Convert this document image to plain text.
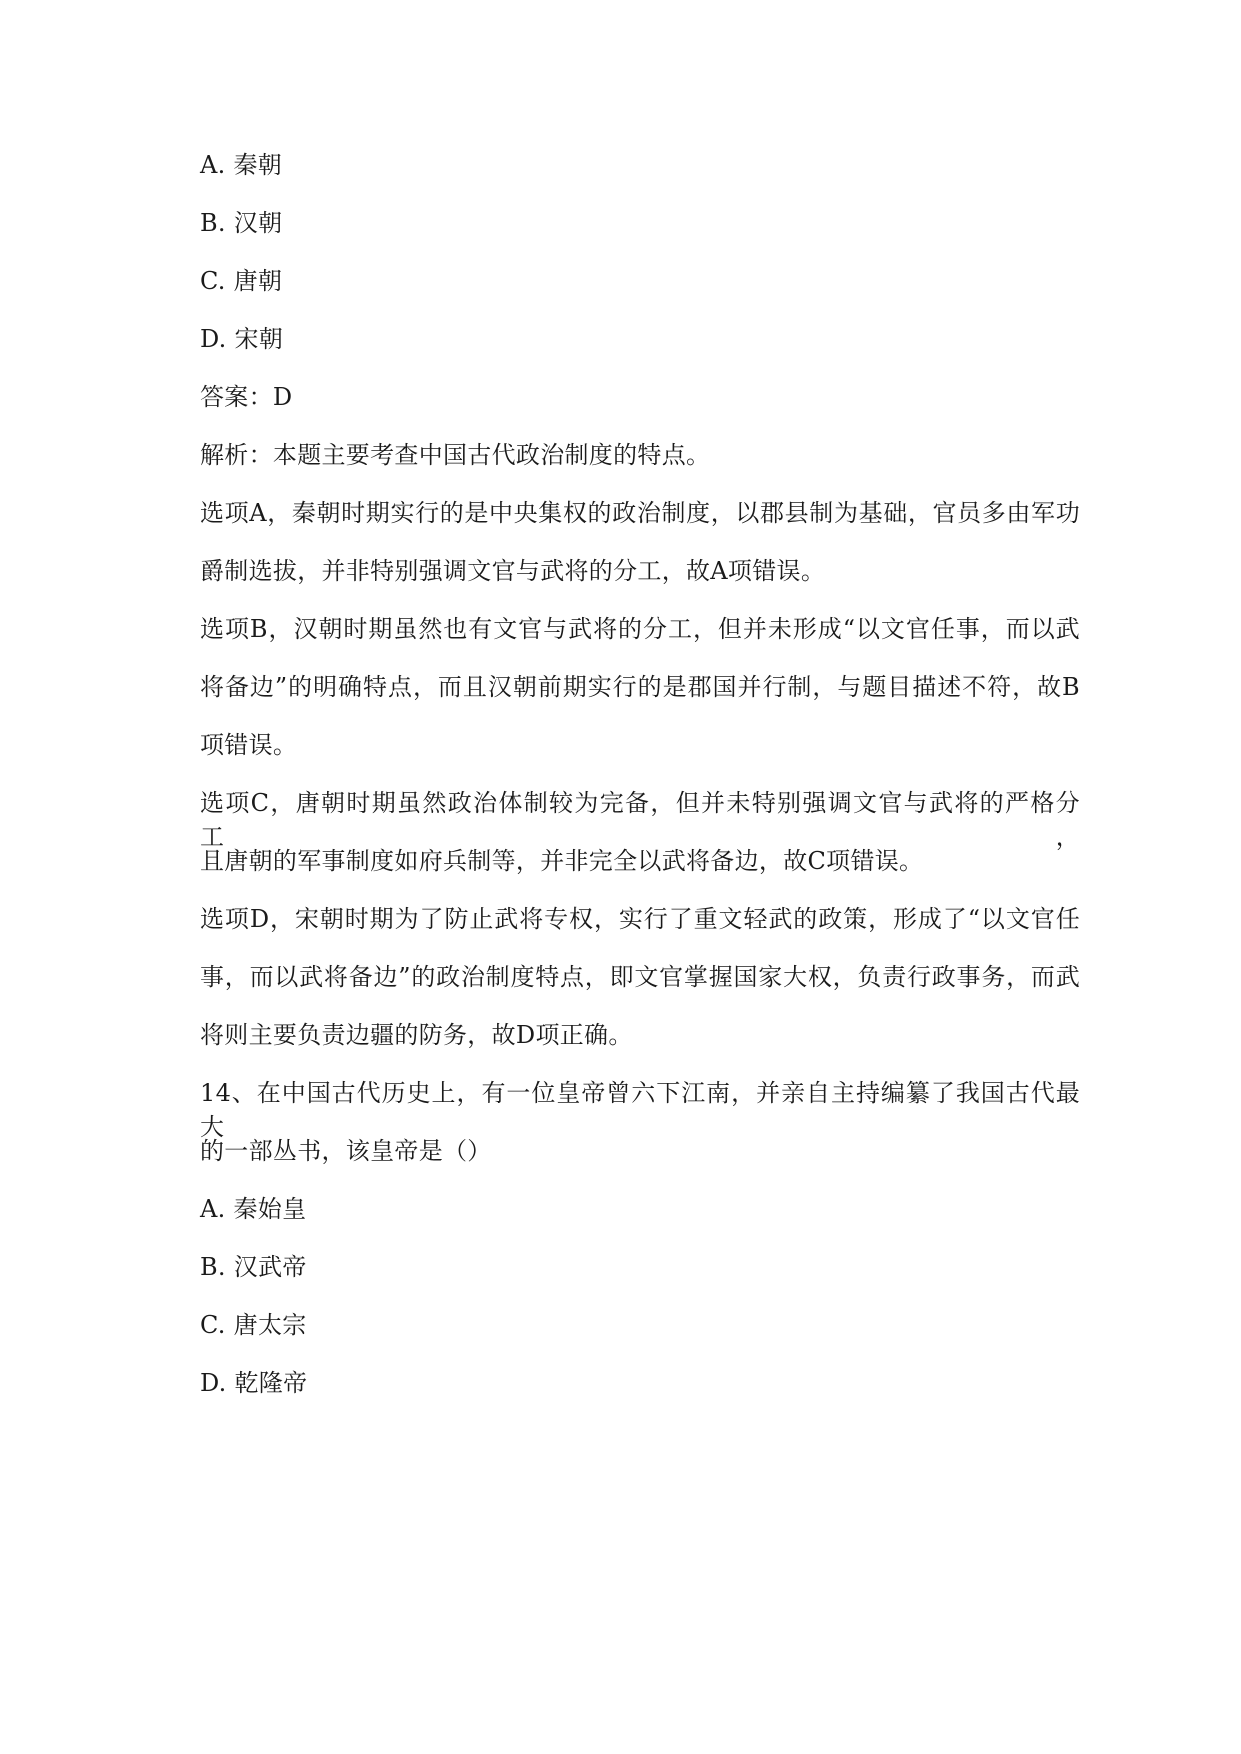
A. 秦朝

B. 汉朝

C. 唐朝

D. 宋朝

答案：D

解析：本题主要考查中国古代政治制度的特点。

选项A，秦朝时期实行的是中央集权的政治制度，以郡县制为基础，官员多由军功

爵制选拔，并非特别强调文官与武将的分工，故A项错误。

选项B，汉朝时期虽然也有文官与武将的分工，但并未形成“以文官任事，而以武

将备边”的明确特点，而且汉朝前期实行的是郡国并行制，与题目描述不符，故B

项错误。

选项C，唐朝时期虽然政治体制较为完备，但并未特别强调文官与武将的严格分工，

且唐朝的军事制度如府兵制等，并非完全以武将备边，故C项错误。

选项D，宋朝时期为了防止武将专权，实行了重文轻武的政策，形成了“以文官任

事，而以武将备边”的政治制度特点，即文官掌握国家大权，负责行政事务，而武

将则主要负责边疆的防务，故D项正确。

14、在中国古代历史上，有一位皇帝曾六下江南，并亲自主持编纂了我国古代最大

的一部丛书，该皇帝是（）

A. 秦始皇

B. 汉武帝

C. 唐太宗

D. 乾隆帝
